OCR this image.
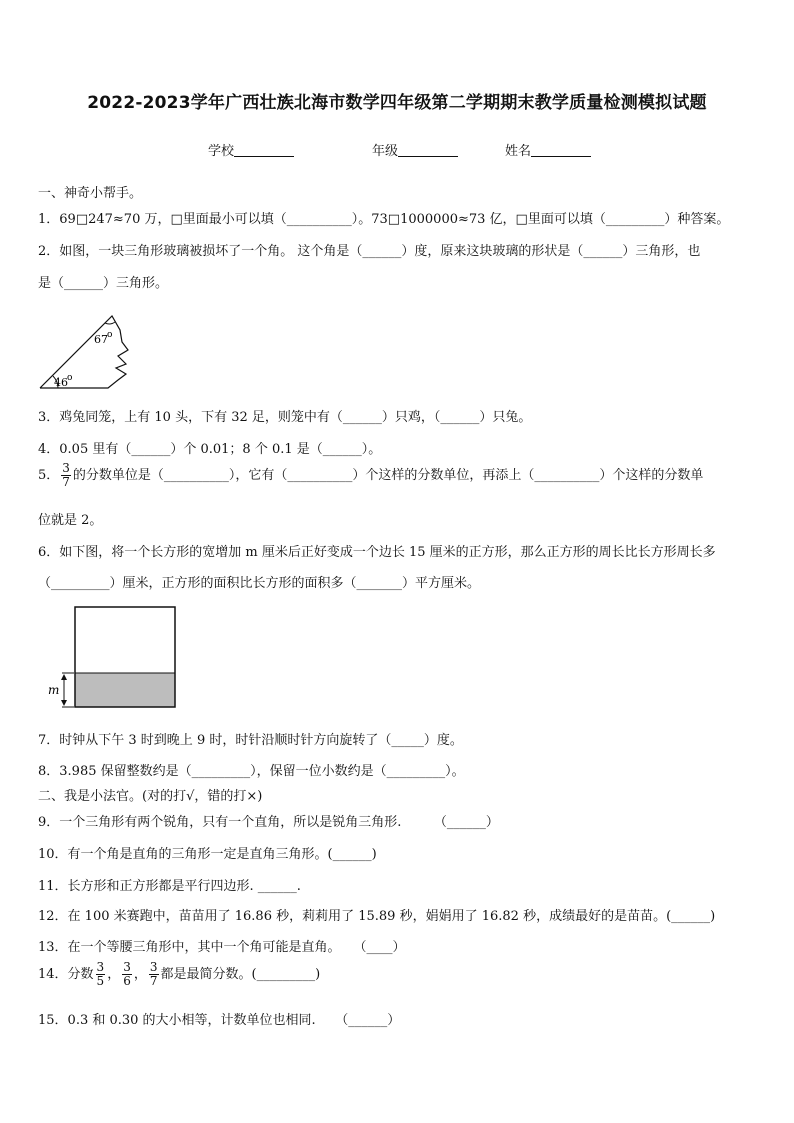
2022-2023学年广西壮族北海市数学四年级第二学期期末教学质量检测模拟试题
学校	年级	姓名
一、神奇小帮手。
1．69□247≈70 万，□里面最小可以填（__________）。73□1000000≈73 亿，□里面可以填（_________）种答案。
2．如图，一块三角形玻璃被损坏了一个角。 这个角是（______）度，原来这块玻璃的形状是（______）三角形，也
是（______）三角形。
67 o
46 o
3．鸡兔同笼，上有 10 头，下有 32 足，则笼中有（______）只鸡，（______）只兔。
4．0.05 里有（______）个 0.01；8 个 0.1 是（______）。
5． $\frac{3}{7}$ 的分数单位是（__________），它有（__________）个这样的分数单位，再添上（__________）个这样的分数单
位就是 2。
6．如下图，将一个长方形的宽增加 m 厘米后正好变成一个边长 15 厘米的正方形，那么正方形的周长比长方形周长多
（_________）厘米，正方形的面积比长方形的面积多（_______）平方厘米。
m
7．时钟从下午 3 时到晚上 9 时，时针沿顺时针方向旋转了（_____）度。
8．3.985 保留整数约是（_________），保留一位小数约是（_________）。
二、我是小法官。(对的打√，错的打×)
9．一个三角形有两个锐角，只有一个直角，所以是锐角三角形.　　　（______）
10．有一个角是直角的三角形一定是直角三角形。(______)
11．长方形和正方形都是平行四边形. ______.
12．在 100 米赛跑中，苗苗用了 16.86 秒，莉莉用了 15.89 秒，娟娟用了 16.82 秒，成绩最好的是苗苗。(______)
13．在一个等腰三角形中，其中一个角可能是直角。　　（____）
14．分数 $\frac{3}{5}$ ， $\frac{3}{6}$ ， $\frac{3}{7}$ 都是最简分数。(_________)
15．0.3 和 0.30 的大小相等，计数单位也相同.　　（______）
